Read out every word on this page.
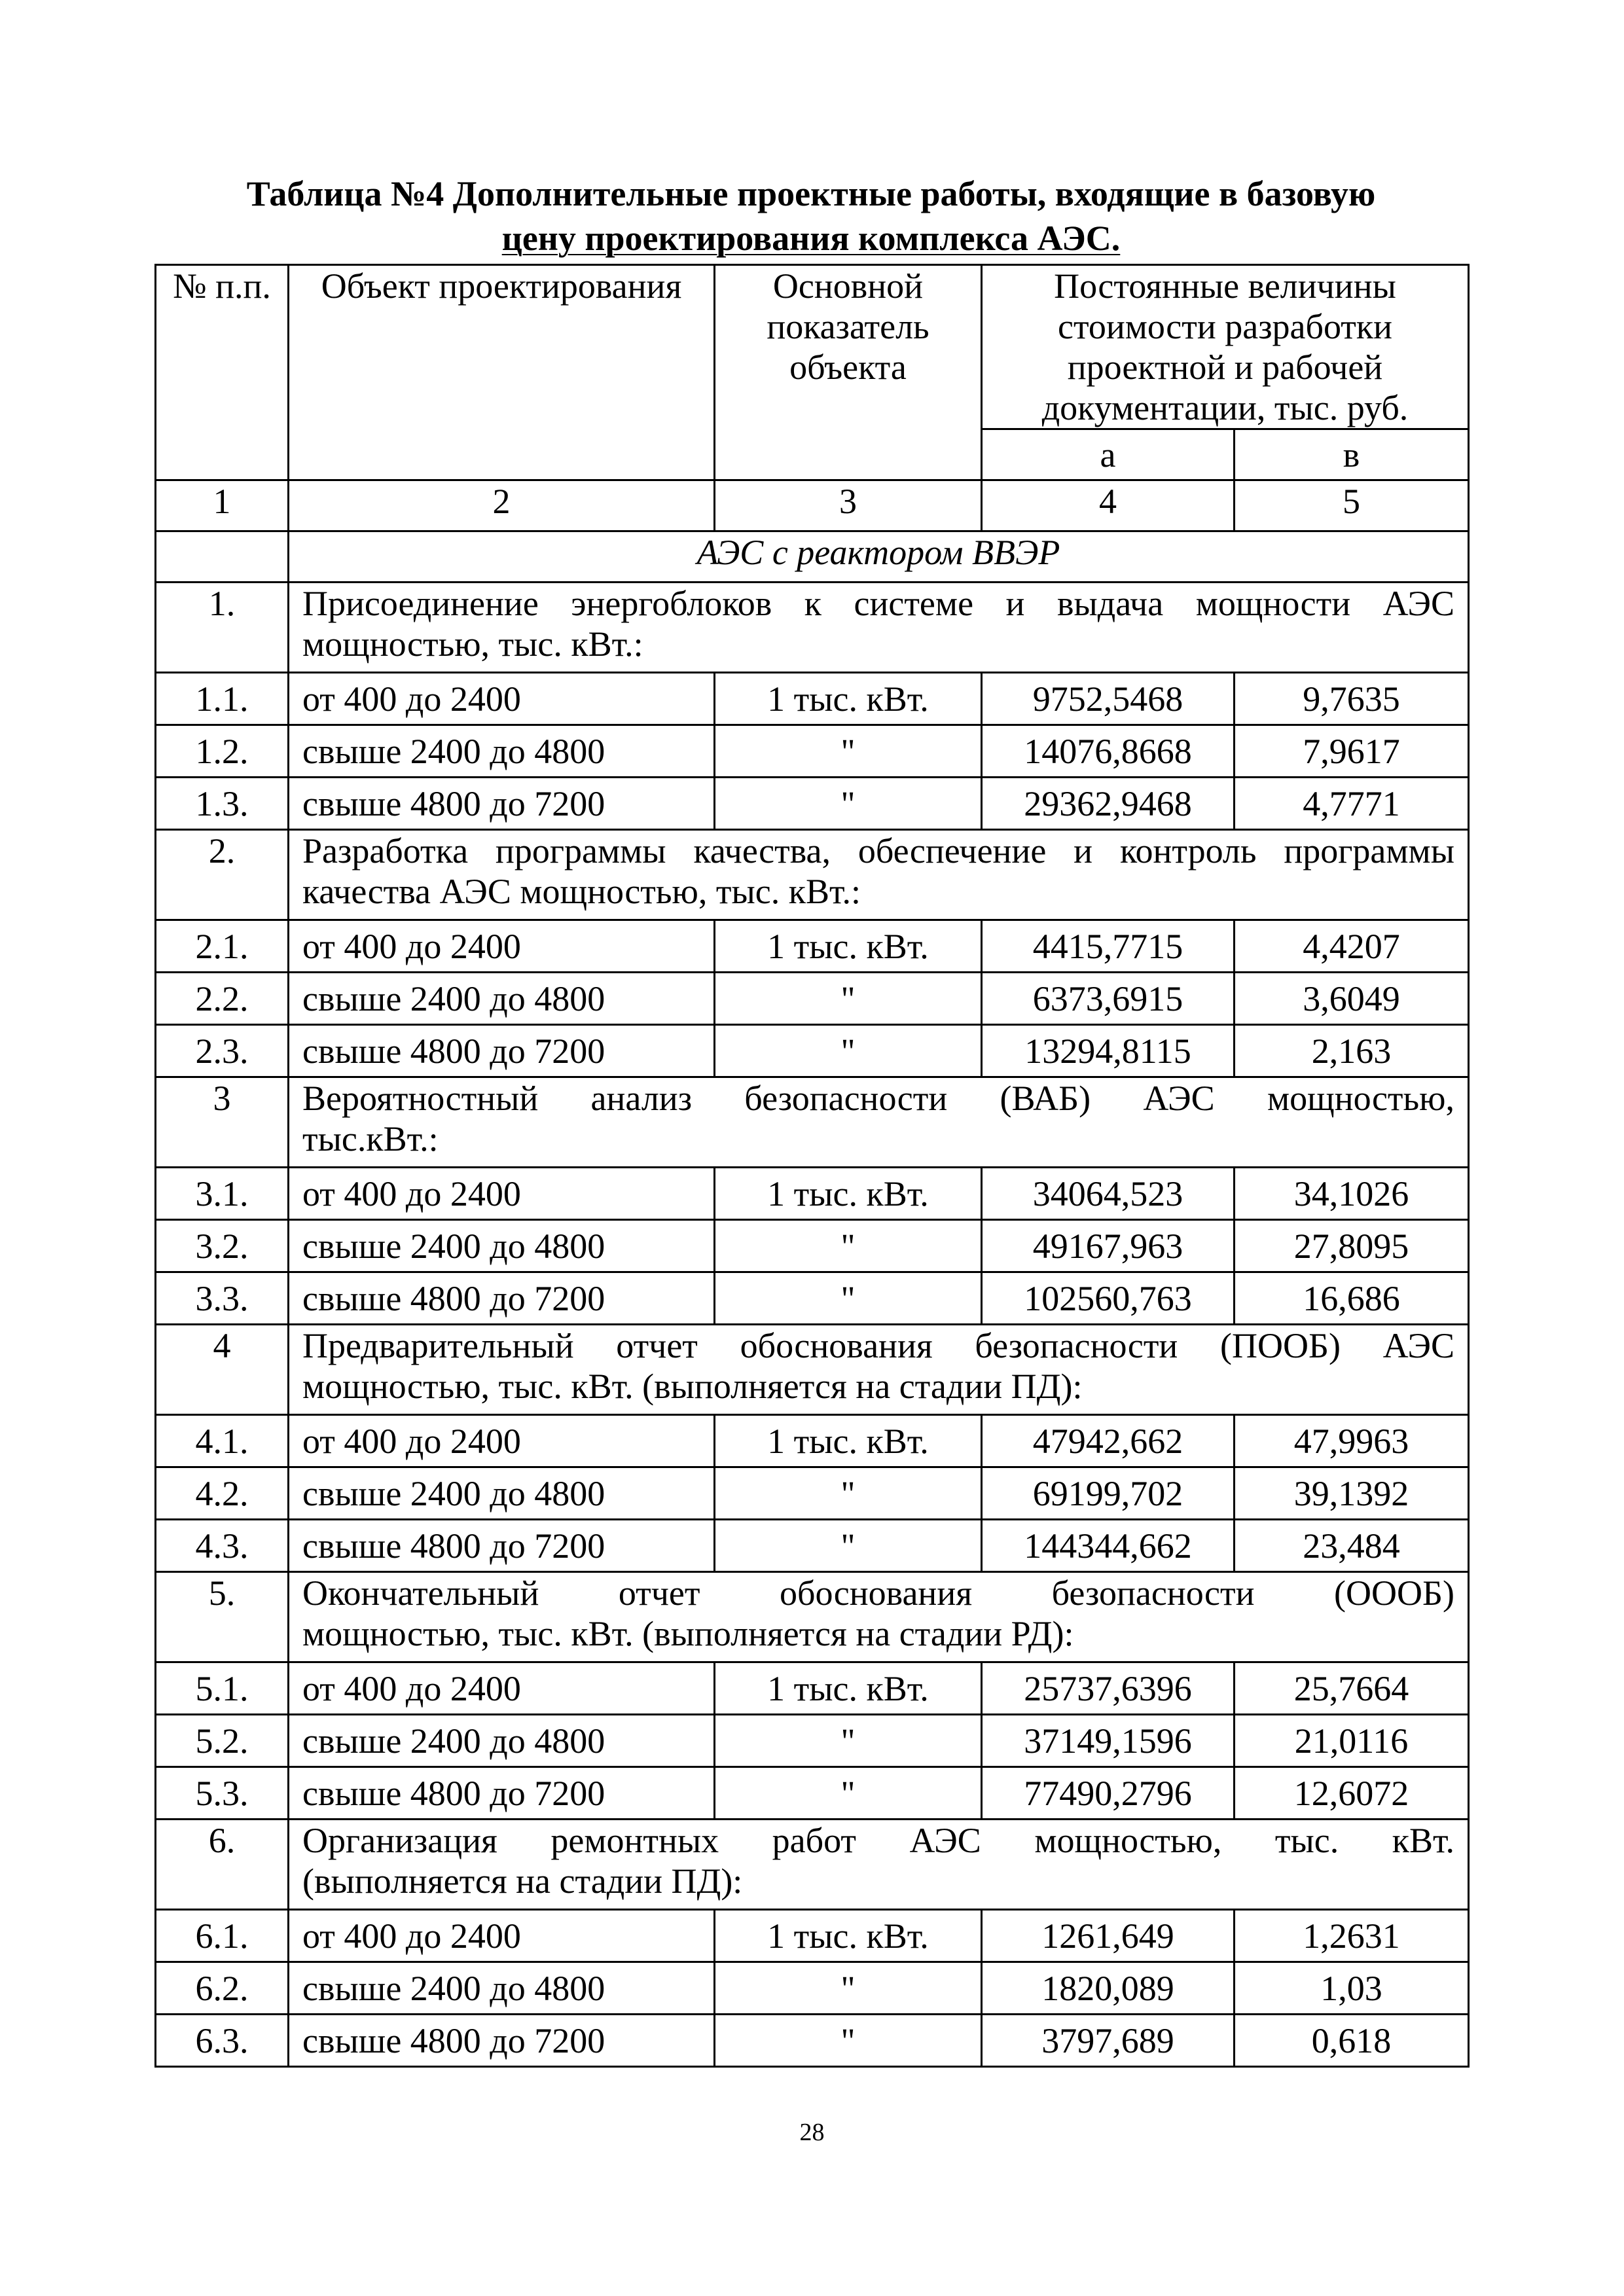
Таблица №4 Дополнительные проектные работы, входящие в базовую
цену проектирования комплекса АЭС.
№ п.п.	Объект проектирования	Основной показатель объекта	Постоянные величины стоимости разработки проектной и рабочей документации, тыс. руб.	
			а	в
1	2	3	4	5
	АЭС с реактором ВВЭР			
1.	Присоединение энергоблоков к системе и выдача мощности АЭС
мощностью, тыс. кВт.:			

1.1.	от 400 до 2400	1 тыс. кВт.	9752,5468	9,7635
1.2.	свыше 2400 до 4800	"	14076,8668	7,9617
1.3.	свыше 4800 до 7200	"	29362,9468	4,7771
2.	Разработка программы качества, обеспечение и контроль программы
качества АЭС мощностью, тыс. кВт.:			

2.1.	от 400 до 2400	1 тыс. кВт.	4415,7715	4,4207
2.2.	свыше 2400 до 4800	"	6373,6915	3,6049
2.3.	свыше 4800 до 7200	"	13294,8115	2,163
3	Вероятностный анализ безопасности (ВАБ) АЭС мощностью,
тыс.кВт.:			

3.1.	от 400 до 2400	1 тыс. кВт.	34064,523	34,1026
3.2.	свыше 2400 до 4800	"	49167,963	27,8095
3.3.	свыше 4800 до 7200	"	102560,763	16,686
4	Предварительный отчет обоснования безопасности (ПООБ) АЭС
мощностью, тыс. кВт. (выполняется на стадии ПД):			

4.1.	от 400 до 2400	1 тыс. кВт.	47942,662	47,9963
4.2.	свыше 2400 до 4800	"	69199,702	39,1392
4.3.	свыше 4800 до 7200	"	144344,662	23,484
5.	Окончательный отчет обоснования безопасности (ОООБ)
мощностью, тыс. кВт. (выполняется на стадии РД):			

5.1.	от 400 до 2400	1 тыс. кВт.	25737,6396	25,7664
5.2.	свыше 2400 до 4800	"	37149,1596	21,0116
5.3.	свыше 4800 до 7200	"	77490,2796	12,6072
6.	Организация ремонтных работ АЭС мощностью, тыс. кВт.
(выполняется на стадии ПД):			

6.1.	от 400 до 2400	1 тыс. кВт.	1261,649	1,2631
6.2.	свыше 2400 до 4800	"	1820,089	1,03
6.3.	свыше 4800 до 7200	"	3797,689	0,618
28
